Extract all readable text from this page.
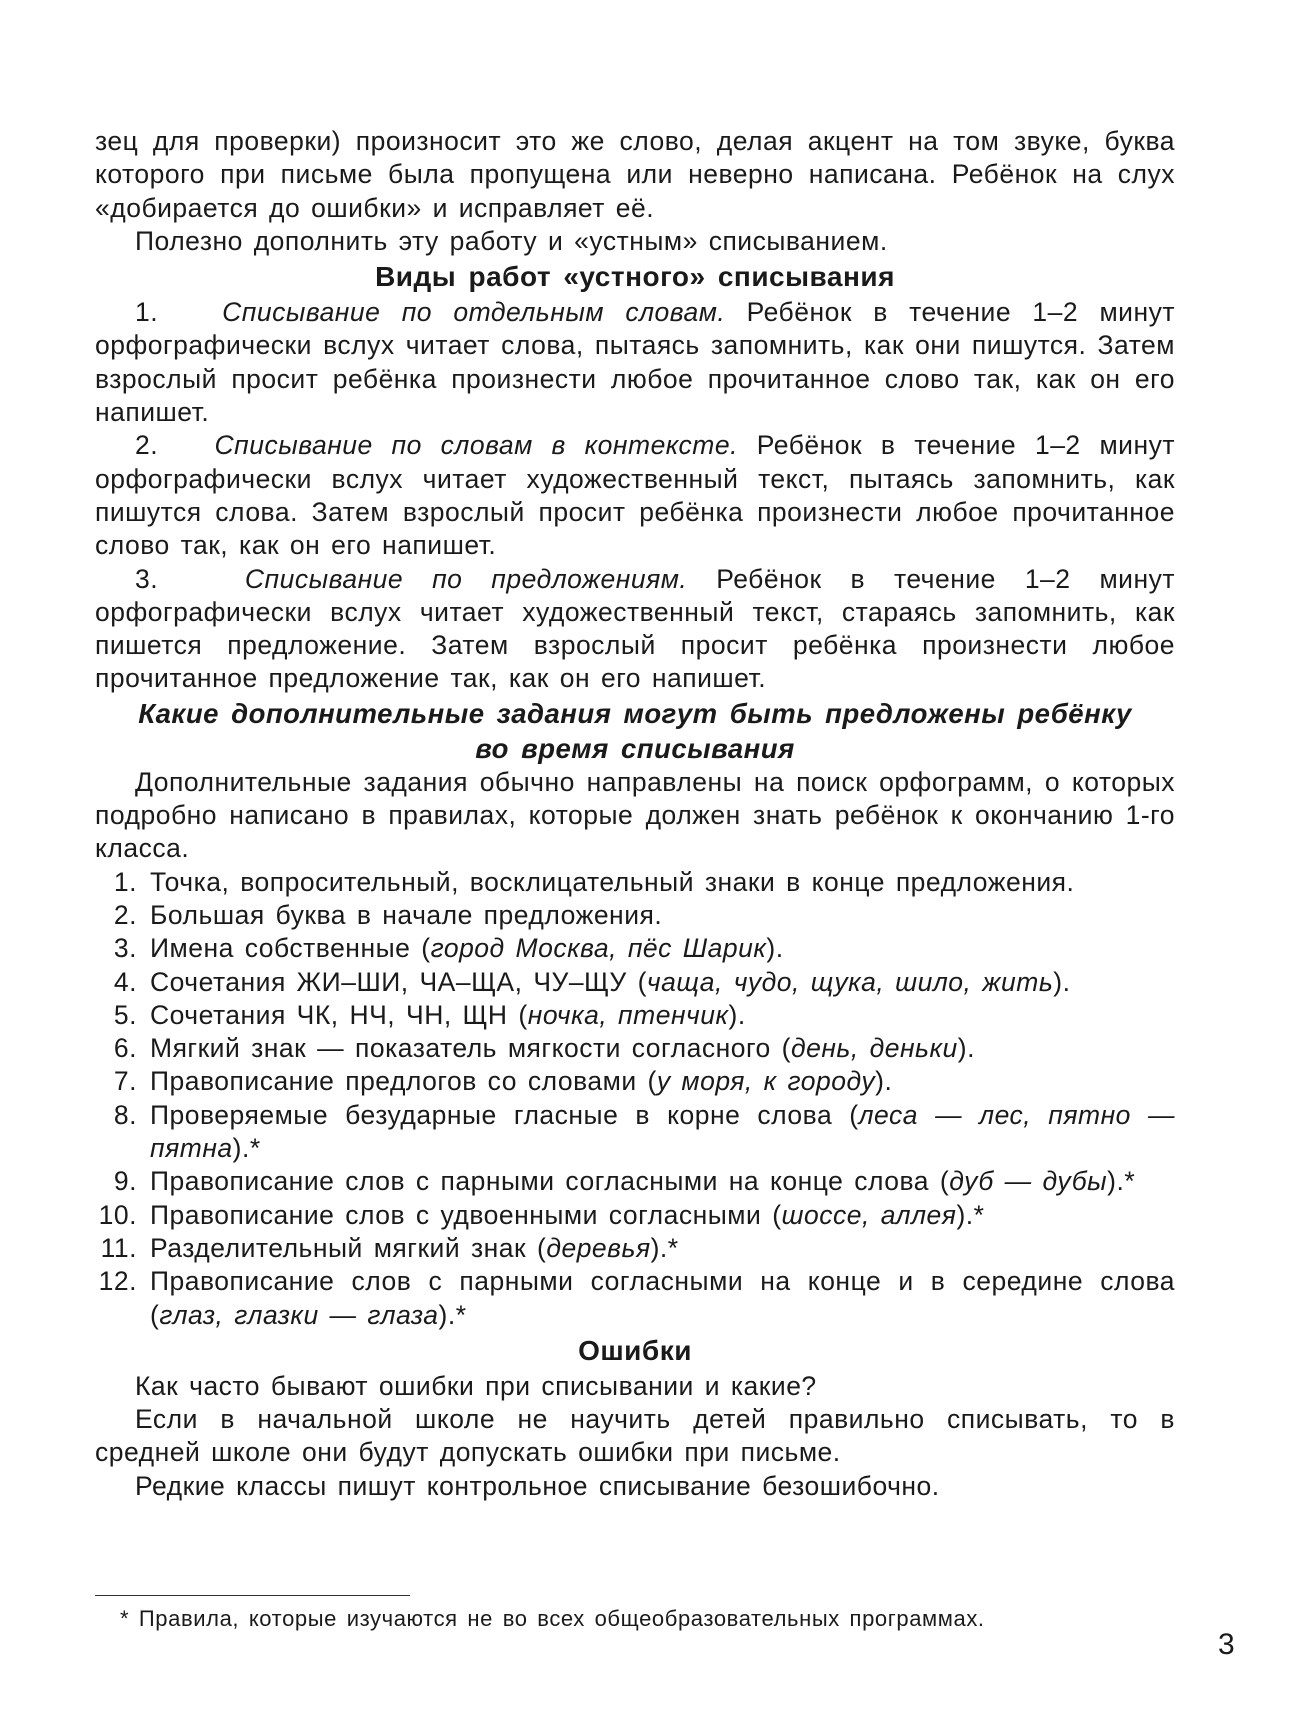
зец для проверки) произносит это же слово, делая акцент на том звуке, буква которого при письме была пропущена или неверно написана. Ребёнок на слух «добирается до ошибки» и исправляет её.

Полезно дополнить эту работу и «устным» списыванием.

Виды работ «устного» списывания

1. Списывание по отдельным словам. Ребёнок в течение 1–2 минут орфографически вслух читает слова, пытаясь запомнить, как они пишутся. Затем взрослый просит ребёнка произнести любое прочитанное слово так, как он его напишет.

2. Списывание по словам в контексте. Ребёнок в течение 1–2 минут орфографически вслух читает художественный текст, пытаясь запомнить, как пишутся слова. Затем взрослый просит ребёнка произнести любое прочитанное слово так, как он его напишет.

3.	Списывание по предложениям. Ребёнок в течение 1–2 минут орфографически вслух читает художественный текст, стараясь запомнить, как пишется предложение. Затем взрослый просит ребёнка произнести любое прочитанное предложение так, как он его напишет.

Какие дополнительные задания могут быть предложены ребёнку
во время списывания

Дополнительные задания обычно направлены на поиск орфограмм, о которых подробно написано в правилах, которые должен знать ребёнок к окончанию 1-го класса.

1. Точка, вопросительный, восклицательный знаки в конце предложения.
2. Большая буква в начале предложения.
3. Имена собственные (город Москва, пёс Шарик).
4. Сочетания ЖИ–ШИ, ЧА–ЩА, ЧУ–ЩУ (чаща, чудо, щука, шило, жить).
5. Сочетания ЧК, НЧ, ЧН, ЩН (ночка, птенчик).
6. Мягкий знак — показатель мягкости согласного (день, деньки).
7. Правописание предлогов со словами (у моря, к городу).
8. Проверяемые безударные гласные в корне слова (леса — лес, пятно — пятна).*
9. Правописание слов с парными согласными на конце слова (дуб — дубы).*
10. Правописание слов с удвоенными согласными (шоссе, аллея).*
11. Разделительный мягкий знак (деревья).*
12. Правописание слов с парными согласными на конце и в середине слова (глаз, глазки — глаза).*
Ошибки

Как часто бывают ошибки при списывании и какие?

Если в начальной школе не научить детей правильно списывать, то в средней школе они будут допускать ошибки при письме.

Редкие классы пишут контрольное списывание безошибочно.

* Правила, которые изучаются не во всех общеобразовательных программах.
3
